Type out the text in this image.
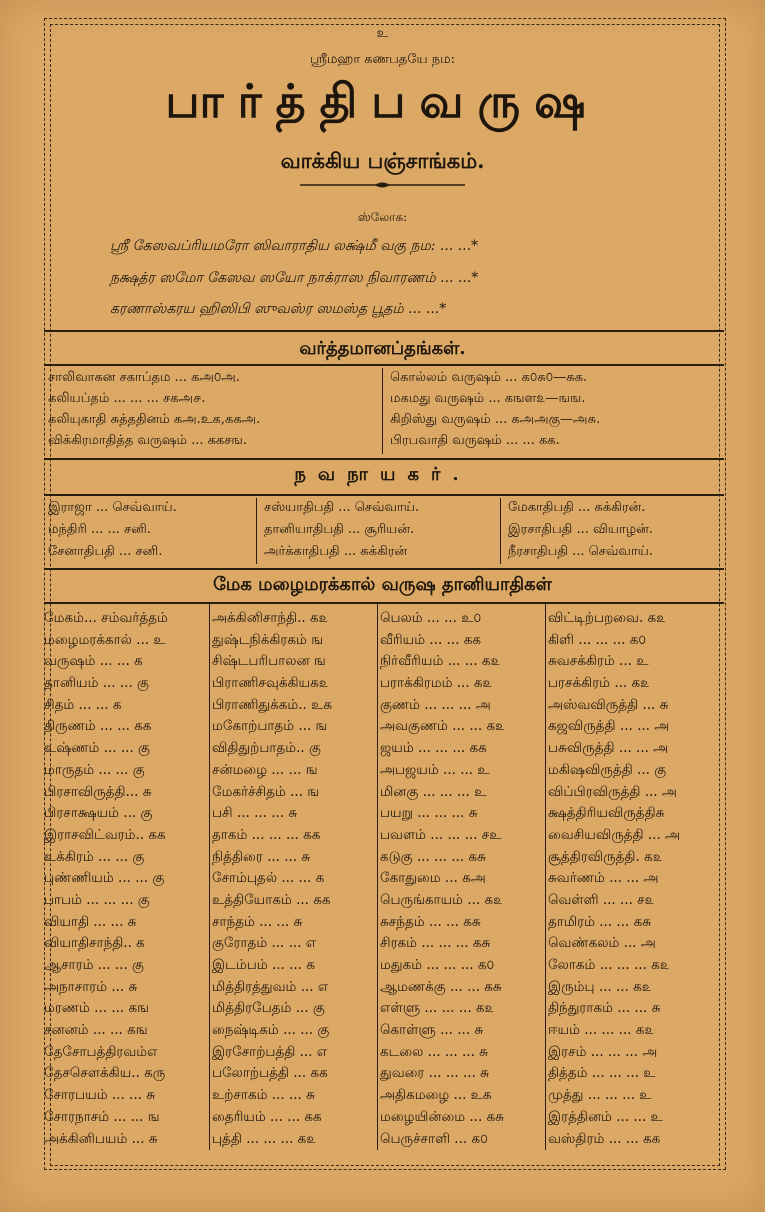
உ
ஸ்ரீமஹா கணபதயே நம:
பார்த்திபவருஷ
வாக்கிய பஞ்சாங்கம்.
ஸ்லோக:
ஸ்ரீ கேஸவப்ரியமரோ ஸிவாராதிய லக்ஷ்மீ வகு நம: ... ...*
நக்ஷத்ர ஸமோ கேஸவ ஸயோ நாக்ராஸ நிவாரணம் ... ...*
கரணாஸ்கரய ஹிஸிபி ஸுவஸ்ர ஸமஸ்த பூதம் ... ...*
வர்த்தமானப்தங்கள்.
சாலிவாகன சகாப்தம ... கஅ௦அ.
கலியப்தம் ... ... ... சகஅ௪.
கலியுகாதி சுத்ததினம் கஅ.உக,ககஅ.
விக்கிரமாதித்த வருஷம் ... ககசங.
கொல்லம் வருஷம் ... க௦சு௦—சுக.
மகமது வருஷம் ... கஙௗ௨—ஙங.
கிறிஸ்து வருஷம் ... கஅஅகு—அசு.
பிரபவாதி வருஷம் ... ... கக.
நவநாயகர்.
இராஜா ... செவ்வாய்.
மந்திரி ... ... சனி.
சேனாதிபதி ... சனி.
சஸ்யாதிபதி ... செவ்வாய்.
தானியாதிபதி ... சூரியன்.
அர்க்காதிபதி ... சுக்கிரன்
மேகாதிபதி ... சுக்கிரன்.
இரசாதிபதி ... வியாழன்.
நீரசாதிபதி ... செவ்வாய்.
மேக மழைமரக்கால் வருஷ தானியாதிகள்
மேகம்... சம்வர்த்தம்
மழைமரக்கால் ... உ
வருஷம் ... ... க
தானியம் ... ... கு
சிதம் ... ... க
திருணம் ... ... கக
உஷ்ணம் ... ... கு
மாருதம் ... ... கு
பிரசாவிருத்தி... சு
பிரசாக்ஷயம் ... கு
இராசவிட்வரம்.. கக
உக்கிரம் ... ... கு
புண்ணியம் ... ... கு
பாபம் ... ... ... கு
வியாதி ... ... சு
வியாதிசாந்தி.. க
ஆசாரம் ... ... கு
அநாசாரம் ... சு
மரணம் ... ... கங
சனனம் ... ... கங
தேசோபத்திரவம்எ
தேசசௌக்கிய.. கரு
சோரபயம் ... ... சு
சோரநாசம் ... ... ங
அக்கினிபயம் ... சு
அக்கினிசாந்தி.. க௨
துஷ்டநிக்கிரகம் ங
சிஷ்டபரிபாலன ங
பிராணிசவுக்கியக௨
பிராணிதுக்கம்.. உக
மகோற்பாதம் ... ங
விதிதுற்பாதம்.. கு
சன்மழை ... ... ங
மேகர்ச்சிதம் ... ங
பசி ... ... ... சு
தாகம் ... ... ... கக
நித்திரை ... ... சு
சோம்புதல் ... ... க
உத்தியோகம் ... கக
சாந்தம் ... ... சு
குரோதம் ... ... எ
இடம்பம் ... ... க
மித்திரத்துவம் ... எ
மித்திரபேதம் ... கு
நைஷ்டிகம் ... ... கு
இரசோற்பத்தி ... எ
பலோற்பத்தி ... கக
உற்சாகம் ... ... சு
தைரியம் ... ... கக
புத்தி ... ... ... க௨
பெலம் ... ... உ௦
வீரியம் ... ... கக
நிர்வீரியம் ... ... க௨
பராக்கிரமம் ... க௨
குணம் ... ... ... அ
அவகுணம் ... ... க௨
ஜயம் ... ... ... கக
அபஜயம் ... ... உ
மினகு ... ... ... உ
பயறு ... ... ... சு
பவளம் ... ... ... சஉ
கடுகு ... ... ... கசு
கோதுமை ... கஅ
பெருங்காயம் ... க௨
சுசந்தம் ... ... கசு
சிரகம் ... ... ... கசு
மதுகம் ... ... ... க௦
ஆமணக்கு ... ... கசு
எள்ளு ... ... ... க௨
கொள்ளு ... ... சு
கடலை ... ... ... சு
துவரை ... ... ... சு
அதிகமழை ... உக
மழையின்மை ... கசு
பெருச்சாளி ... க௦
விட்டிற்பறவை. க௨
கிளி ... ... ... க௦
சுவசக்கிரம் ... உ
பரசக்கிரம் ... க௨
அஸ்வவிருத்தி ... சு
கஜவிருத்தி ... ... அ
பசுவிருத்தி ... ... அ
மகிஷவிருத்தி ... கு
விப்பிரவிருத்தி ... அ
க்ஷத்திரியவிருத்திசு
வைசியவிருத்தி ... அ
சூத்திரவிருத்தி. க௨
சுவர்ணம் ... ... அ
வெள்ளி ... ... ச௨
தாமிரம் ... ... கசு
வெண்கலம் ... அ
லோகம் ... ... ... க௨
இரும்பு ... ... க௨
திந்துராகம் ... ... சு
ஈயம் ... ... ... க௨
இரசம் ... ... ... அ
தித்தம் ... ... ... உ
முத்து ... ... ... உ
இரத்தினம் ... ... உ
வஸ்திரம் ... ... கக
